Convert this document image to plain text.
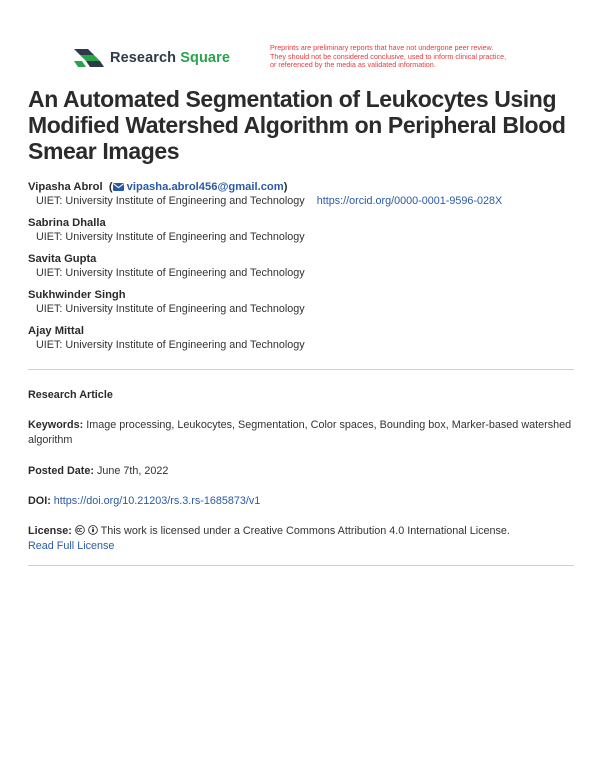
Research Square
Preprints are preliminary reports that have not undergone peer review.
They should not be considered conclusive, used to inform clinical practice,
or referenced by the media as validated information.
An Automated Segmentation of Leukocytes Using Modified Watershed Algorithm on Peripheral Blood Smear Images
Vipasha Abrol  ( vipasha.abrol456@gmail.com)
UIET: University Institute of Engineering and Technology https://orcid.org/0000-0001-9596-028X
Sabrina Dhalla
UIET: University Institute of Engineering and Technology
Savita Gupta
UIET: University Institute of Engineering and Technology
Sukhwinder Singh
UIET: University Institute of Engineering and Technology
Ajay Mittal
UIET: University Institute of Engineering and Technology
Research Article
Keywords: Image processing, Leukocytes, Segmentation, Color spaces, Bounding box, Marker-based watershed algorithm
Posted Date: June 7th, 2022
DOI: https://doi.org/10.21203/rs.3.rs-1685873/v1
License:	This work is licensed under a Creative Commons Attribution 4.0 International License.
Read Full License
